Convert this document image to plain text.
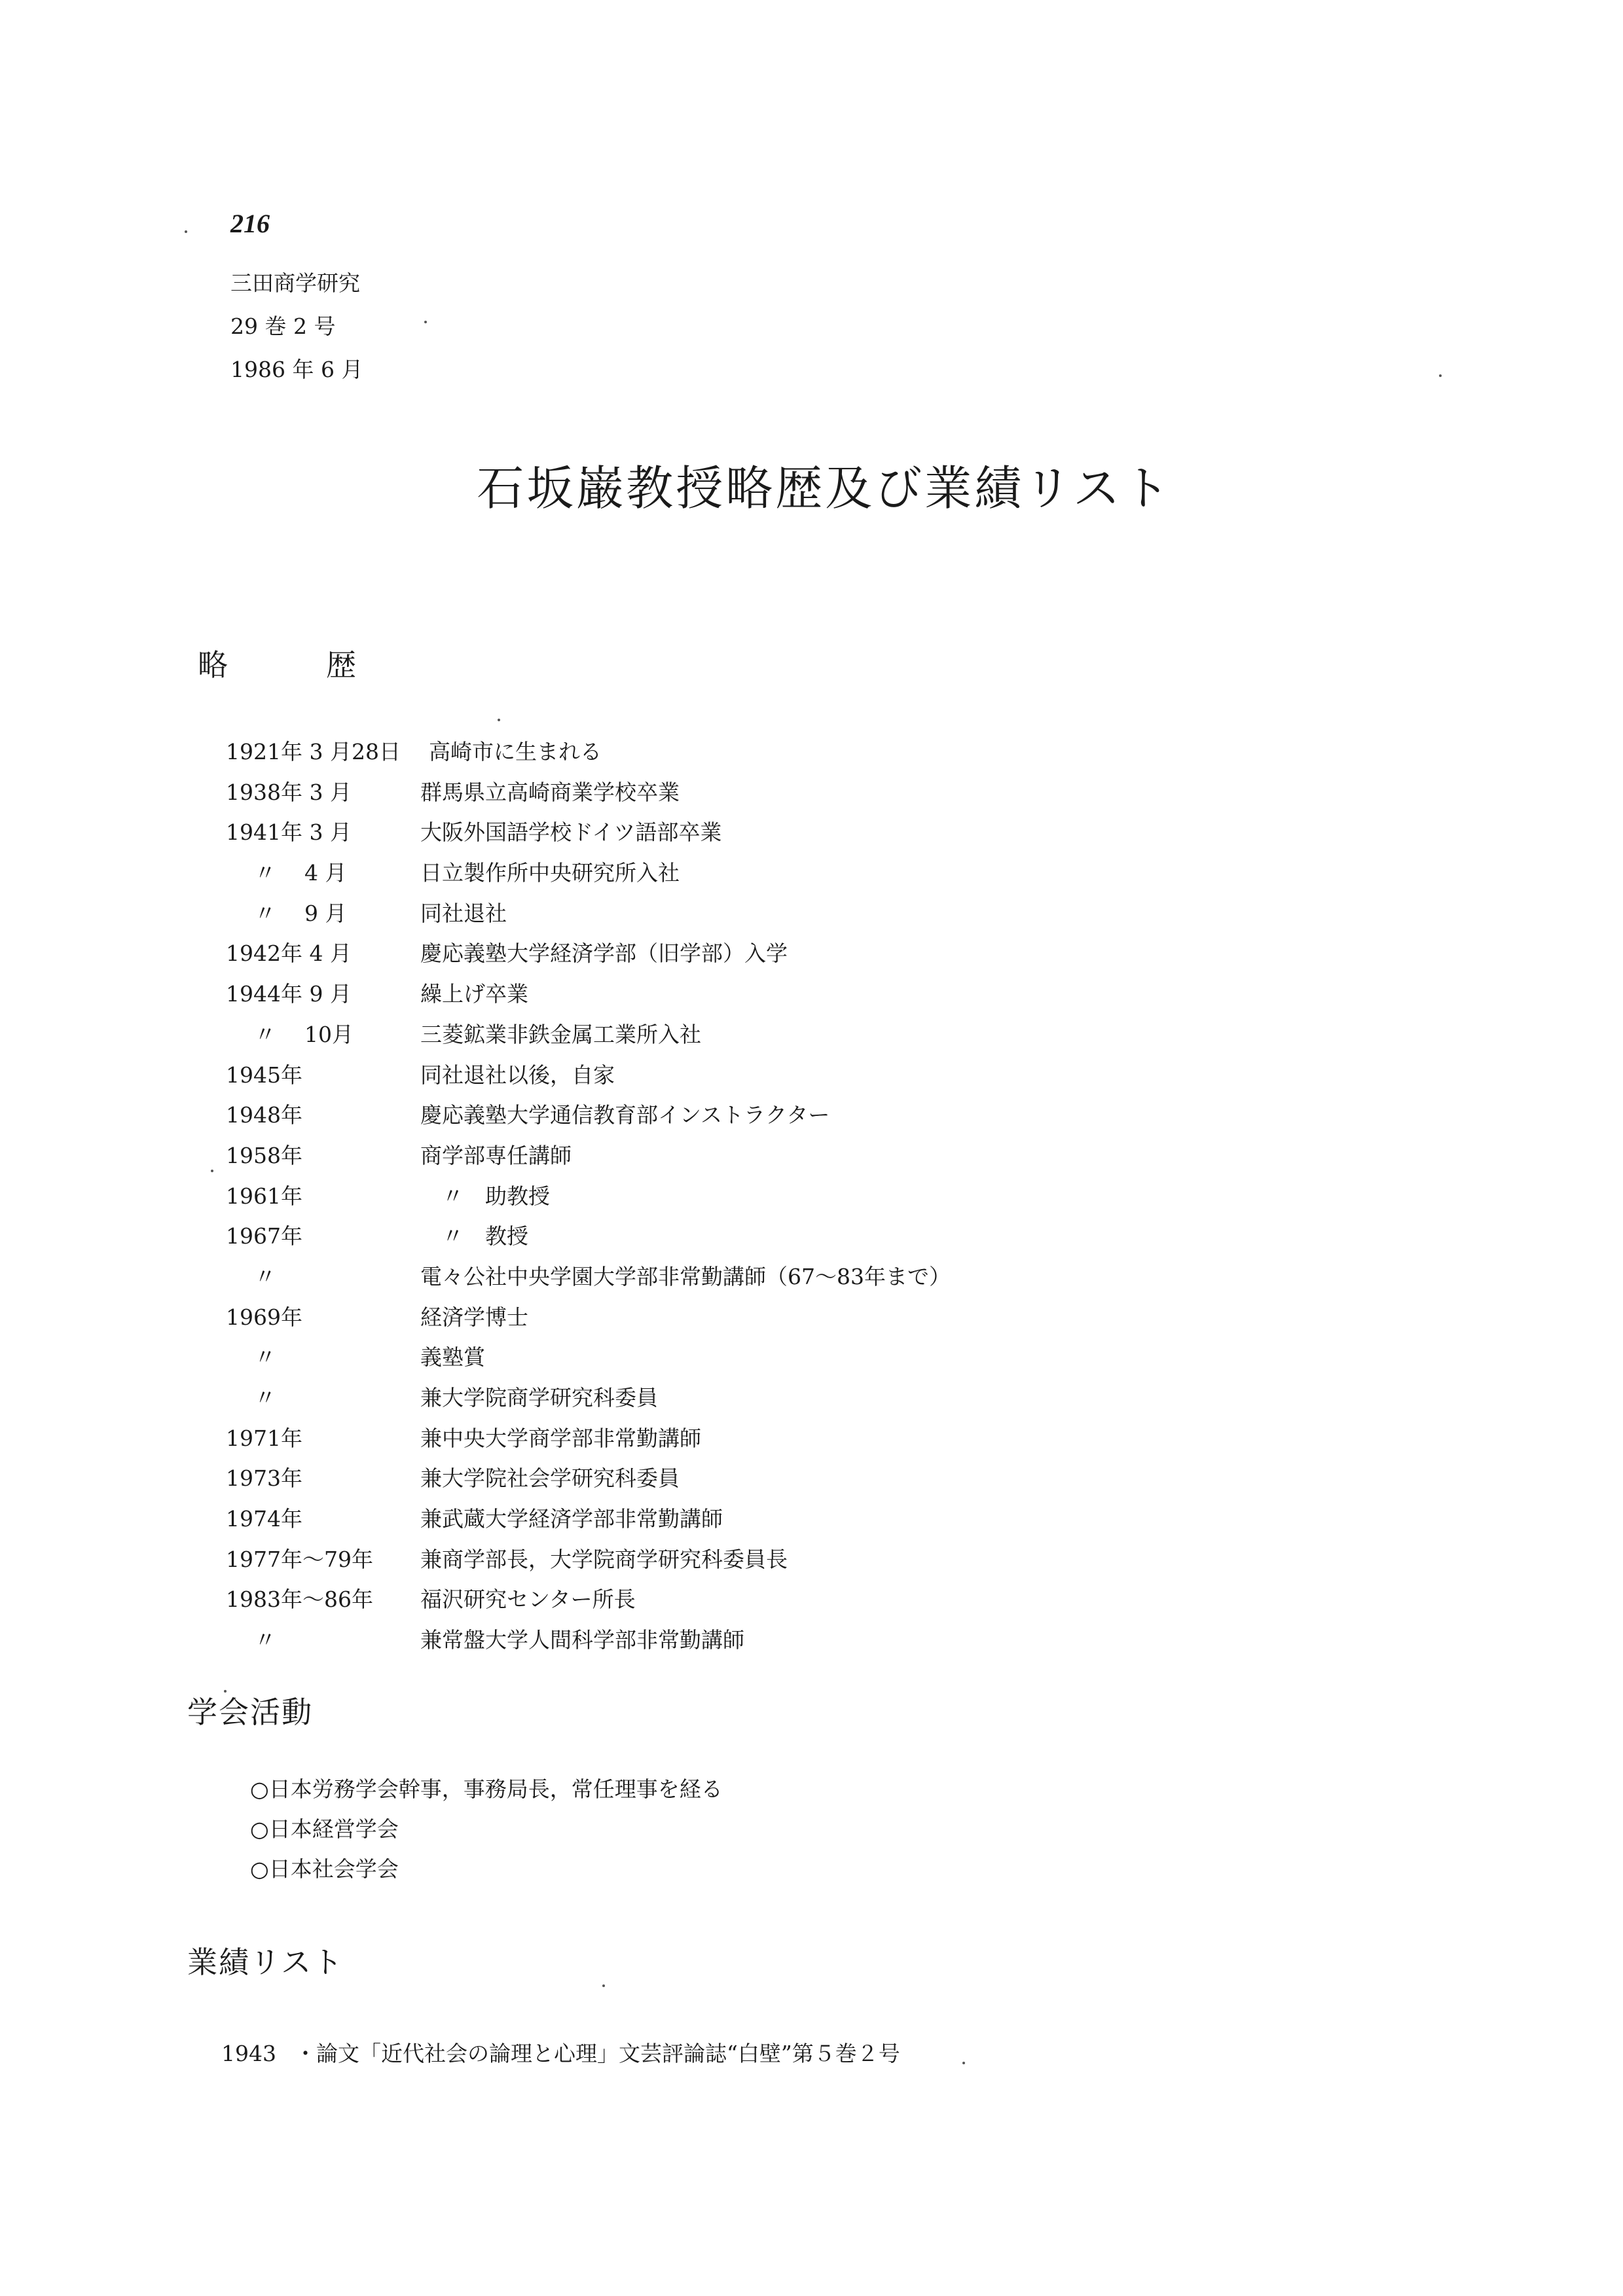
216
三田商学研究
29 巻 2 号
1986 年 6 月
石坂巌教授略歴及び業績リスト
略　歴
1921年 3 月28日 高崎市に生まれる
1938年 3 月	群馬県立高崎商業学校卒業
1941年 3 月	大阪外国語学校ドイツ語部卒業
　 〃 　4 月	日立製作所中央研究所入社
　 〃 　9 月	同社退社
1942年 4 月	慶応義塾大学経済学部（旧学部）入学
1944年 9 月	繰上げ卒業
　 〃 　10月	三菱鉱業非鉄金属工業所入社
1945年	同社退社以後，自家
1948年	慶応義塾大学通信教育部インストラクター
1958年	商学部専任講師
1961年	　〃　助教授
1967年	　〃　教授
　 〃	電々公社中央学園大学部非常勤講師（67～83年まで）
1969年	経済学博士
　 〃	義塾賞
　 〃	兼大学院商学研究科委員
1971年	兼中央大学商学部非常勤講師
1973年	兼大学院社会学研究科委員
1974年	兼武蔵大学経済学部非常勤講師
1977年～79年 兼商学部長，大学院商学研究科委員長
1983年～86年 福沢研究センター所長
　 〃	兼常盤大学人間科学部非常勤講師
学会活動
○日本労務学会幹事，事務局長，常任理事を経る
○日本経営学会
○日本社会学会
業績リスト
1943 ・論文「近代社会の論理と心理」文芸評論誌“白壁”第５巻２号
